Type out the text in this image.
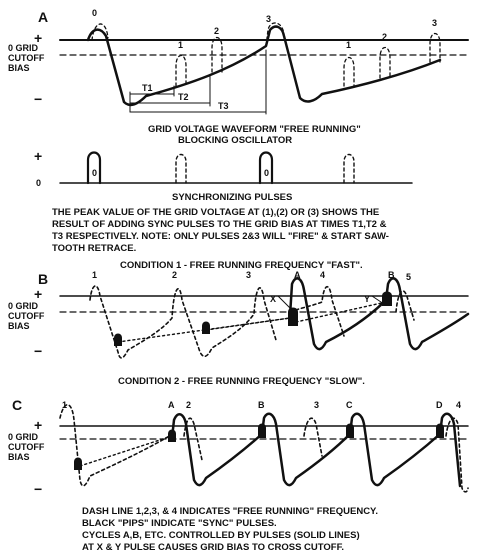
A
+
−
0 GRID
CUTOFF
BIAS
0
1
2
3
1
2
3
T1
T2
T3
GRID VOLTAGE WAVEFORM "FREE RUNNING"
BLOCKING OSCILLATOR
+
0
0	0
SYNCHRONIZING PULSES
THE PEAK VALUE OF THE GRID VOLTAGE AT (1),(2) OR (3) SHOWS THE
RESULT OF ADDING SYNC PULSES TO THE GRID BIAS AT TIMES T1,T2 &
T3 RESPECTIVELY. NOTE: ONLY PULSES 2&3 WILL "FIRE" & START SAW-
TOOTH RETRACE.
CONDITION 1 - FREE RUNNING FREQUENCY "FAST".
B
+
−
0 GRID
CUTOFF
BIAS
1	2	3	A 4	B 5
X	Y
CONDITION 2 - FREE RUNNING FREQUENCY "SLOW".
C
+
−
0 GRID
CUTOFF
BIAS
1	A 2	B	3	C	D 4
DASH LINE 1,2,3, & 4 INDICATES "FREE RUNNING" FREQUENCY.
BLACK "PIPS" INDICATE "SYNC" PULSES.
CYCLES A,B, ETC. CONTROLLED BY PULSES (SOLID LINES)
AT X & Y PULSE CAUSES GRID BIAS TO CROSS CUTOFF.
